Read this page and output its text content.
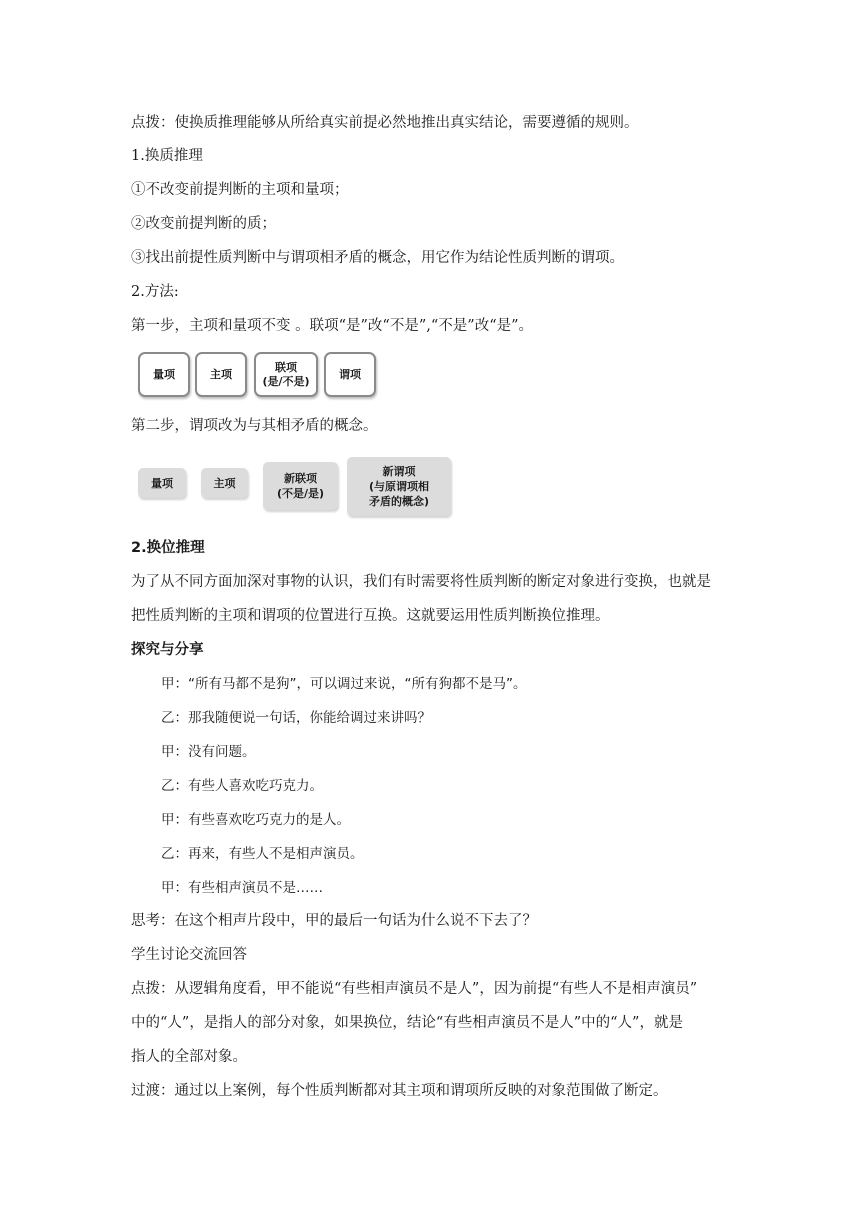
点拨：使换质推理能够从所给真实前提必然地推出真实结论，需要遵循的规则。
1.换质推理
①不改变前提判断的主项和量项；
②改变前提判断的质；
③找出前提性质判断中与谓项相矛盾的概念，用它作为结论性质判断的谓项。
2.方法:
第一步，主项和量项不变 。联项“是”改“不是”,“不是”改“是”。
量项	主项
联项
(是/不是)
谓项
第二步，谓项改为与其相矛盾的概念。
量项	主项	新联项
(不是/是)
新谓项
(与原谓项相
矛盾的概念)
2.换位推理
为了从不同方面加深对事物的认识，我们有时需要将性质判断的断定对象进行变换，也就是
把性质判断的主项和谓项的位置进行互换。这就要运用性质判断换位推理。
探究与分享
甲：“所有马都不是狗”，可以调过来说，“所有狗都不是马”。
乙：那我随便说一句话，你能给调过来讲吗？
甲：没有问题。
乙：有些人喜欢吃巧克力。
甲：有些喜欢吃巧克力的是人。
乙：再来，有些人不是相声演员。
甲：有些相声演员不是……
思考：在这个相声片段中，甲的最后一句话为什么说不下去了？
学生讨论交流回答
点拨：从逻辑角度看，甲不能说“有些相声演员不是人”，因为前提“有些人不是相声演员”
中的“人”，是指人的部分对象，如果换位，结论“有些相声演员不是人”中的“人”，就是
指人的全部对象。
过渡：通过以上案例，每个性质判断都对其主项和谓项所反映的对象范围做了断定。
